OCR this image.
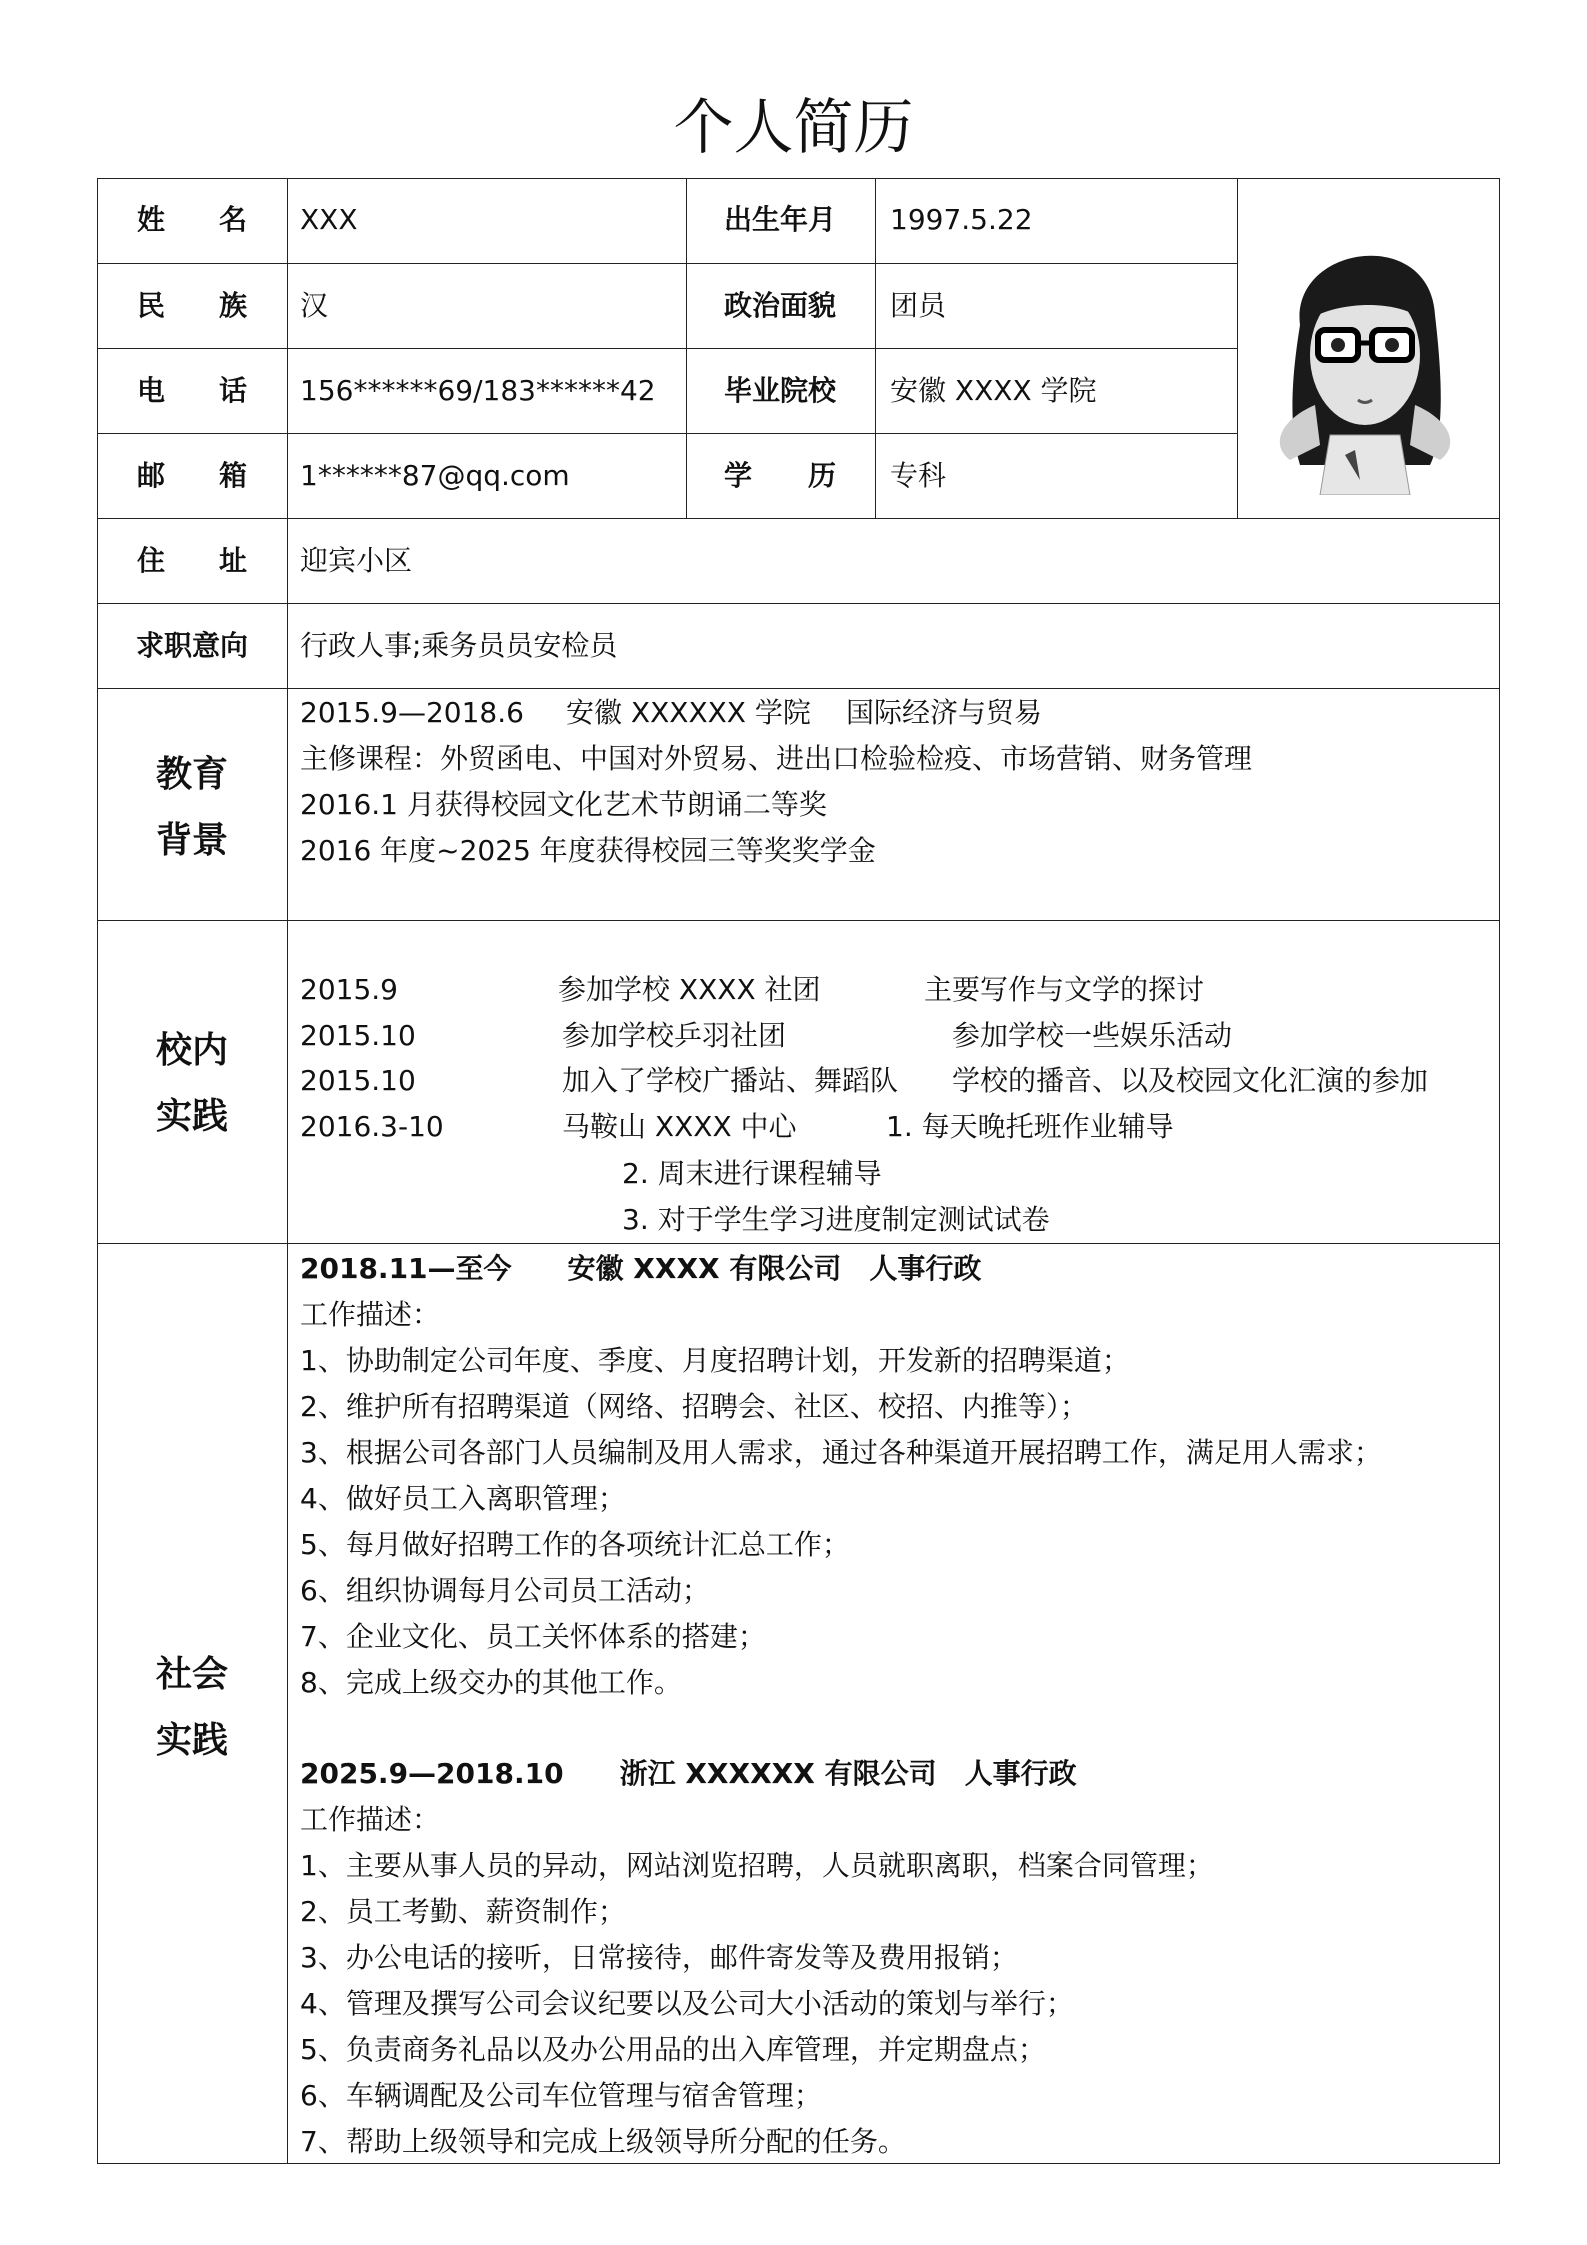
个人简历
姓 名 XXX	出生年月 1997.5.22
民 族 汉	政治面貌 团员
电 话 156******69/183******42 毕业院校 安徽 XXXX 学院
邮 箱 1******87@qq.com	学 历 专科
住 址 迎宾小区
求职意向 行政人事;乘务员员安检员
教育
背景
2015.9—2018.6 安徽 XXXXXX 学院 国际经济与贸易
主修课程：外贸函电、中国对外贸易、进出口检验检疫、市场营销、财务管理
2016.1 月获得校园文化艺术节朗诵二等奖
2016 年度~2025 年度获得校园三等奖奖学金
校内
实践
2015.9	参加学校 XXXX 社团	主要写作与文学的探讨
2015.10	参加学校乒羽社团	参加学校一些娱乐活动
2015.10	加入了学校广播站、舞蹈队 学校的播音、以及校园文化汇演的参加
2016.3-10	马鞍山 XXXX 中心	1. 每天晚托班作业辅导
2. 周末进行课程辅导
3. 对于学生学习进度制定测试试卷
社会
实践
2018.11—至今　　安徽 XXXX 有限公司　人事行政
工作描述：
1、协助制定公司年度、季度、月度招聘计划，开发新的招聘渠道；
2、维护所有招聘渠道（网络、招聘会、社区、校招、内推等）；
3、根据公司各部门人员编制及用人需求，通过各种渠道开展招聘工作，满足用人需求；
4、做好员工入离职管理；
5、每月做好招聘工作的各项统计汇总工作；
6、组织协调每月公司员工活动；
7、企业文化、员工关怀体系的搭建；
8、完成上级交办的其他工作。
2025.9—2018.10　　浙江 XXXXXX 有限公司　人事行政
工作描述：
1、主要从事人员的异动，网站浏览招聘，人员就职离职，档案合同管理；
2、员工考勤、薪资制作；
3、办公电话的接听，日常接待，邮件寄发等及费用报销；
4、管理及撰写公司会议纪要以及公司大小活动的策划与举行；
5、负责商务礼品以及办公用品的出入库管理，并定期盘点；
6、车辆调配及公司车位管理与宿舍管理；
7、帮助上级领导和完成上级领导所分配的任务。
